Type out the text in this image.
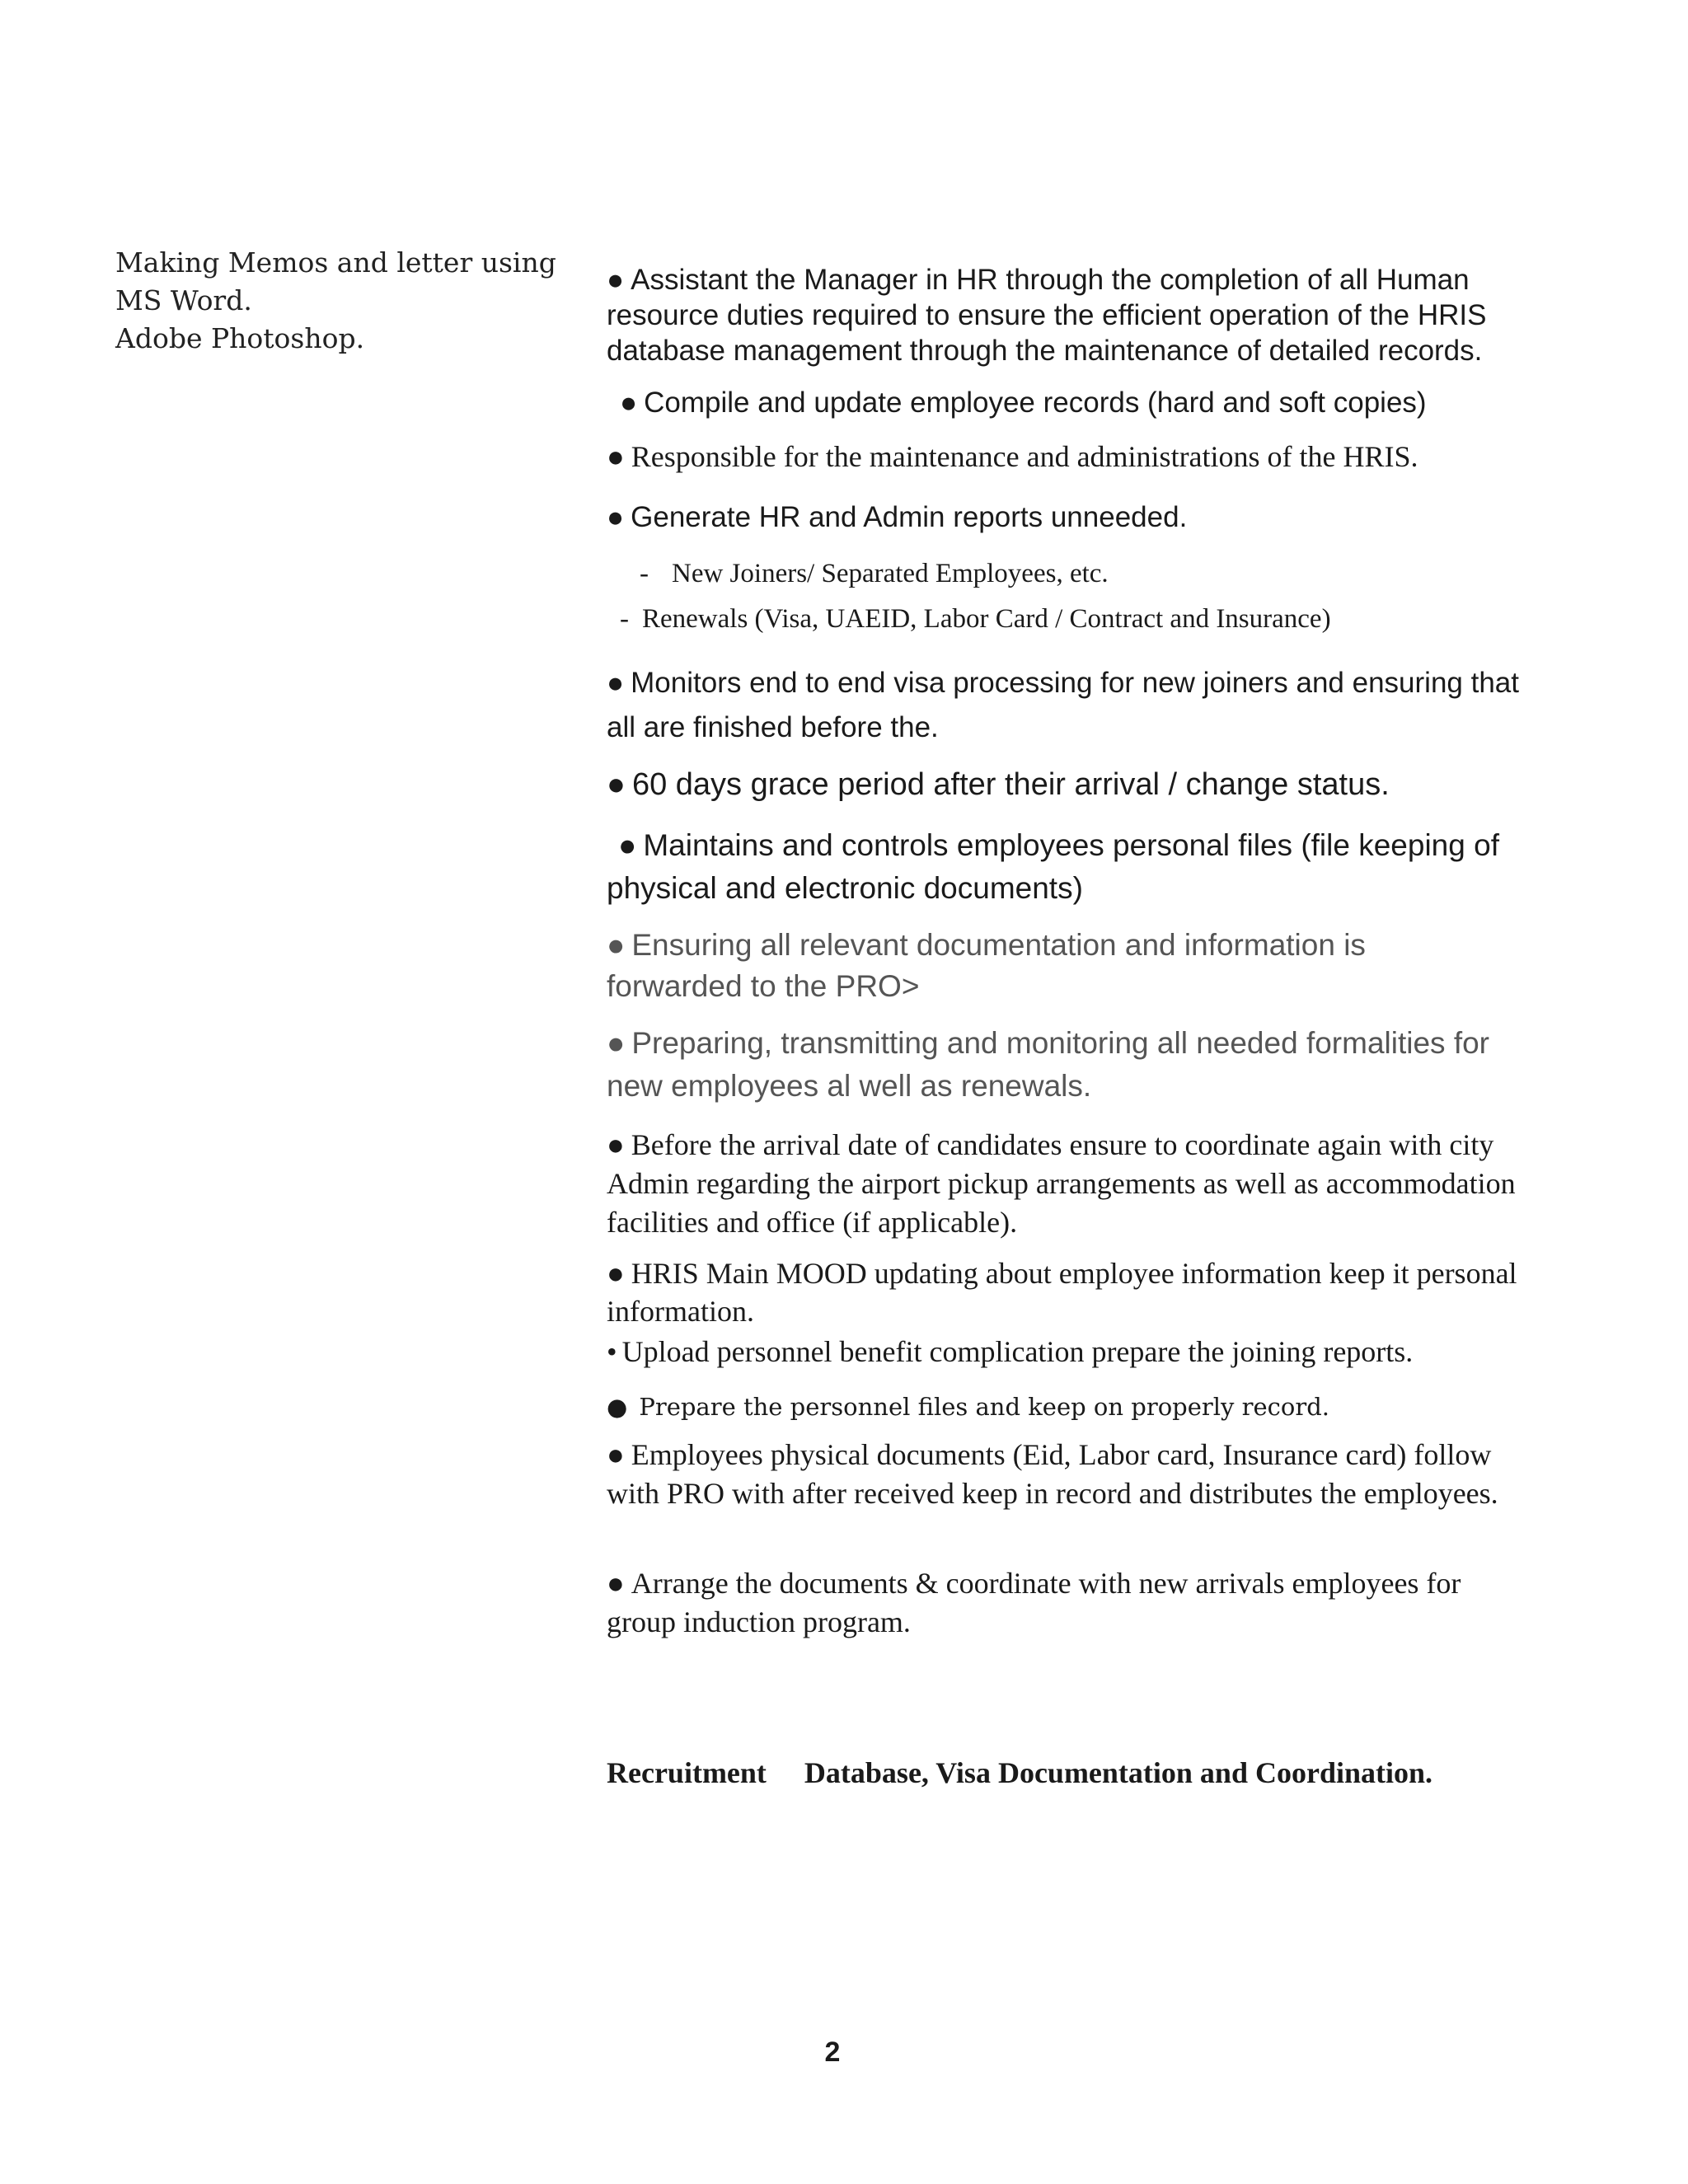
Making Memos and letter using
MS Word.
Adobe Photoshop.
● Assistant the Manager in HR through the completion of all Human resource duties required to ensure the efficient operation of the HRIS database management through the maintenance of detailed records.
● Compile and update employee records (hard and soft copies)
● Responsible for the maintenance and administrations of the HRIS.
● Generate HR and Admin reports unneeded.
- New Joiners/ Separated Employees, etc.
- Renewals (Visa, UAEID, Labor Card / Contract and Insurance)
● Monitors end to end visa processing for new joiners and ensuring that all are finished before the.
● 60 days grace period after their arrival / change status.
● Maintains and controls employees personal files (file keeping of physical and electronic documents)
● Ensuring all relevant documentation and information is forwarded to the PRO>
● Preparing, transmitting and monitoring all needed formalities for new employees al well as renewals.
● Before the arrival date of candidates ensure to coordinate again with city Admin regarding the airport pickup arrangements as well as accommodation facilities and office (if applicable).
● HRIS Main MOOD updating about employee information keep it personal information.
• Upload personnel benefit complication prepare the joining reports.
● Prepare the personnel files and keep on properly record.
● Employees physical documents (Eid, Labor card, Insurance card) follow with PRO with after received keep in record and distributes the employees.
● Arrange the documents & coordinate with new arrivals employees for group induction program.
Recruitment Database, Visa Documentation and Coordination.
2
